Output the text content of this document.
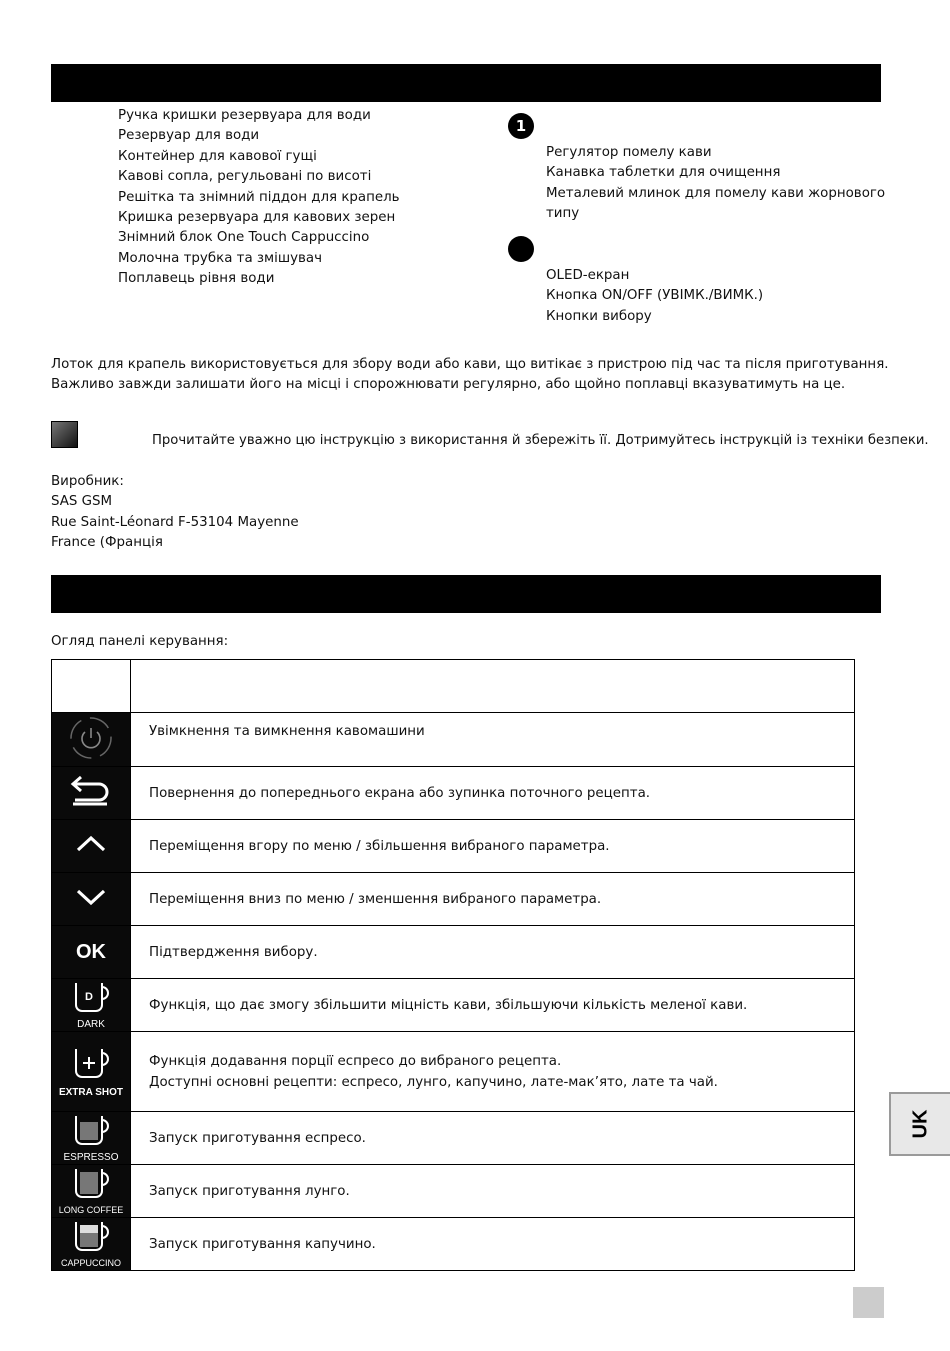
Ручка кришки резервуара для води
Резервуар для води
Контейнер для кавової гущі
Кавові сопла, регульовані по висоті
Решітка та знімний піддон для крапель
Кришка резервуара для кавових зерен
Знімний блок One Touch Cappuccino
Молочна трубка та змішувач
Поплавець рівня води
1
Регулятор помелу кави
Канавка таблетки для очищення
Металевий млинок для помелу кави жорнового
типу
OLED-екран
Кнопка ON/OFF (УВІМК./ВИМК.)
Кнопки вибору
Лоток для крапель використовується для збору води або кави, що витікає з пристрою під час та після приготування.
Важливо завжди залишати його на місці і спорожнювати регулярно, або щойно поплавці вказуватимуть на це.
Прочитайте уважно цю інструкцію з використання й збережіть її. Дотримуйтесь інструкцій із техніки безпеки.
Виробник:
SAS GSM
Rue Saint-Léonard F-53104 Mayenne
France (Франція
Огляд панелі керування:

	Увімкнення та вимкнення кавомашини
	Повернення до попереднього екрана або зупинка поточного рецепта.
	Переміщення вгору по меню / збільшення вибраного параметра.
	Переміщення вниз по меню / зменшення вибраного параметра.
OK	Підтвердження вибору.

D
DARK	Функція, що дає змогу збільшити міцність кави, збільшуючи кількість меленої кави.

EXTRA SHOT	Функція додавання порції еспресо до вибраного рецепта.
Доступні основні рецепти: еспресо, лунго, капучино, лате-мак’ято, лате та чай.

ESPRESSO	Запуск приготування еспресо.

LONG COFFEE	Запуск приготування лунго.

CAPPUCCINO	Запуск приготування капучино.
UK
